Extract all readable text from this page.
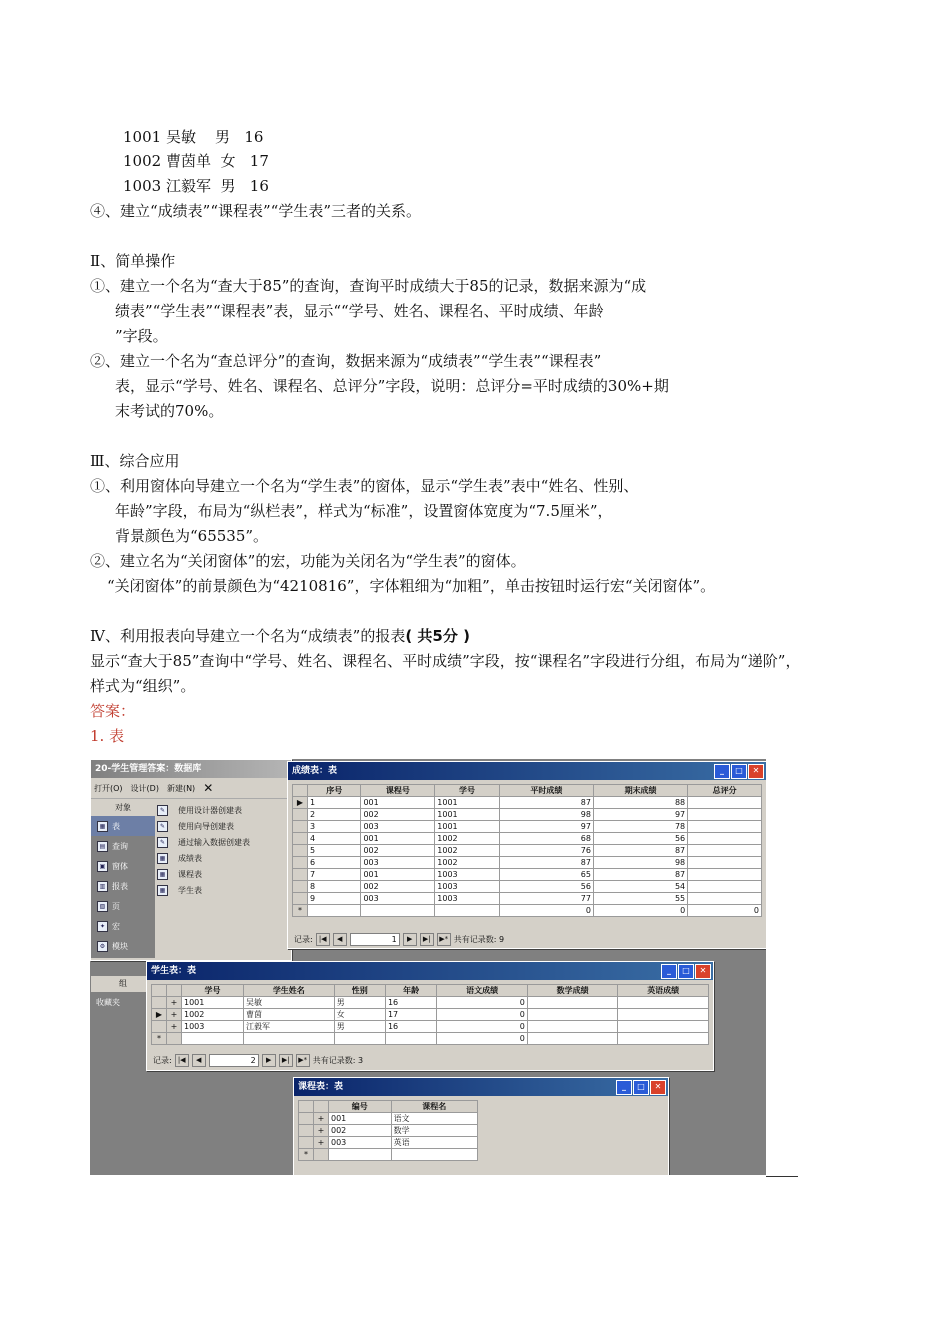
1001 吴敏    男   16
1002 曹茵单  女   17
1003 江毅军  男   16
④、建立“成绩表”“课程表”“学生表”三者的关系。
Ⅱ、简单操作
①、建立一个名为“查大于85”的查询，查询平时成绩大于85的记录，数据来源为“成
绩表”“学生表”“课程表”表，显示““学号、姓名、课程名、平时成绩、年龄
”字段。
②、建立一个名为“查总评分”的查询，数据来源为“成绩表”“学生表”“课程表”
表，显示“学号、姓名、课程名、总评分”字段，说明：总评分=平时成绩的30%+期
末考试的70%。
Ⅲ、综合应用
①、利用窗体向导建立一个名为“学生表”的窗体，显示“学生表”表中“姓名、性别、
年龄”字段，布局为“纵栏表”，样式为“标准”，设置窗体宽度为“7.5厘米”，
背景颜色为“65535”。
②、建立名为“关闭窗体”的宏，功能为关闭名为“学生表”的窗体。
“关闭窗体”的前景颜色为“4210816”，字体粗细为“加粗”，单击按钮时运行宏“关闭窗体”。
Ⅳ、利用报表向导建立一个名为“成绩表”的报表( 共5分 )
显示“查大于85”查询中“学号、姓名、课程名、平时成绩”字段，按“课程名”字段进行分组，布局为“递阶”，
样式为“组织”。
答案：
1. 表
20-学生管理答案：数据库
打开(O) 设计(D) 新建(N) ✕
对象
▦ 表
▤ 查询
▣ 窗体
▥ 报表
▧ 页
✦ 宏
⚙ 模块
组
✎	使用设计器创建表
✎	使用向导创建表
✎	通过输入数据创建表
▦	成绩表
▦	课程表
▦	学生表
收藏夹
成绩表：表	_	□	✕
	序号	课程号	学号	平时成绩	期末成绩	总评分
▶	1	001	1001	87	88	
	2	002	1001	98	97	
	3	003	1001	97	78	
	4	001	1002	68	56	
	5	002	1002	76	87	
	6	003	1002	87	98	
	7	001	1003	65	87	
	8	002	1003	56	54	
	9	003	1003	77	55	
*				0	0	0
记录: |◀	◀	1	▶	▶|	▶* 共有记录数: 9
学生表：表	_	□	✕
		学号	学生姓名	性别	年龄	语文成绩	数学成绩	英语成绩
	+	1001	吴敏	男	16	0		
▶	+	1002	曹茵	女	17	0		
	+	1003	江毅军	男	16	0		
*						0		
记录: |◀	◀	2	▶	▶|	▶* 共有记录数: 3
课程表：表	_	□	✕
		编号	课程名
	+	001	语文
	+	002	数学
	+	003	英语
*			
